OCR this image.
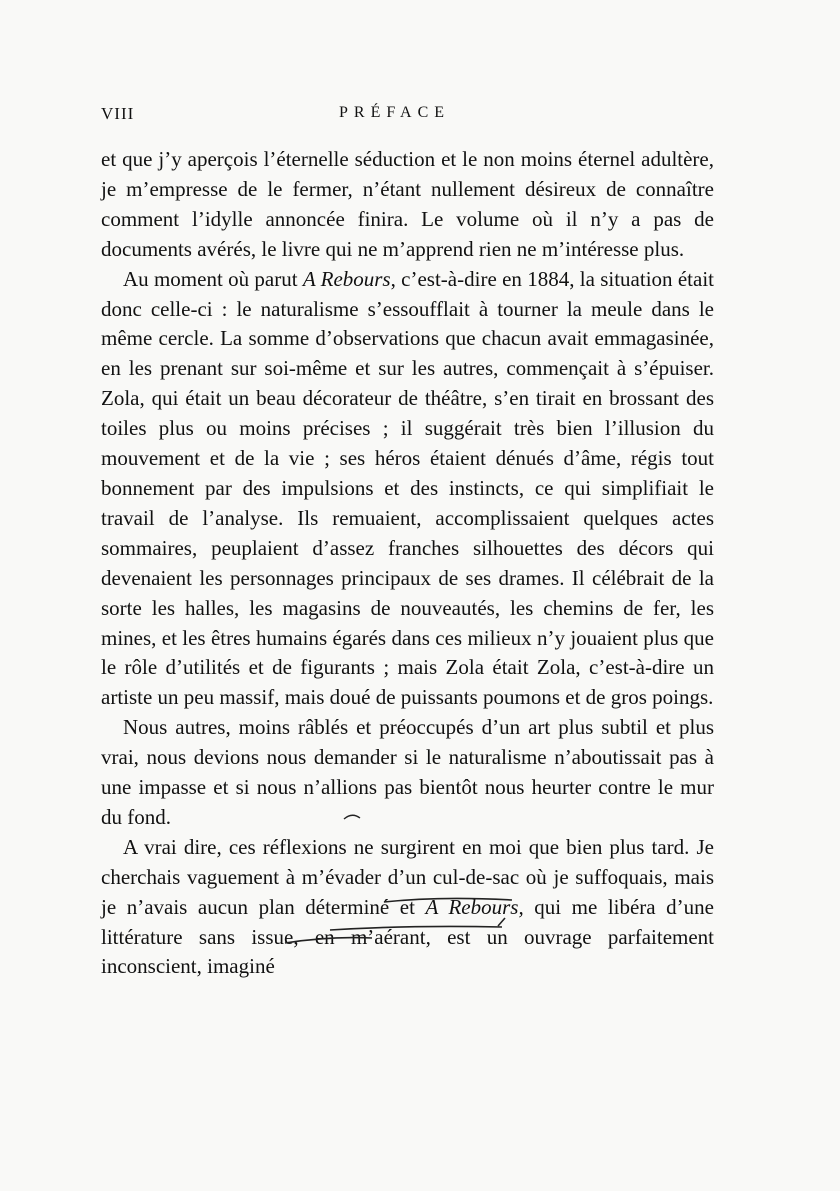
VIII	PRÉFACE

et que j’y aperçois l’éternelle séduction et le non moins éternel adultère, je m’empresse de le fermer, n’étant nullement désireux de connaître comment l’idylle annoncée finira. Le volume où il n’y a pas de documents avérés, le livre qui ne m’apprend rien ne m’intéresse plus.

Au moment où parut A Rebours, c’est-à-dire en 1884, la situation était donc celle-ci : le naturalisme s’essoufflait à tourner la meule dans le même cercle. La somme d’observations que chacun avait emmagasinée, en les prenant sur soi-même et sur les autres, commençait à s’épuiser. Zola, qui était un beau décorateur de théâtre, s’en tirait en brossant des toiles plus ou moins précises ; il suggérait très bien l’illusion du mouvement et de la vie ; ses héros étaient dénués d’âme, régis tout bonnement par des impulsions et des instincts, ce qui simplifiait le travail de l’analyse. Ils remuaient, accomplissaient quelques actes sommaires, peuplaient d’assez franches silhouettes des décors qui devenaient les personnages principaux de ses drames. Il célébrait de la sorte les halles, les magasins de nouveautés, les chemins de fer, les mines, et les êtres humains égarés dans ces milieux n’y jouaient plus que le rôle d’utilités et de figurants ; mais Zola était Zola, c’est-à-dire un artiste un peu massif, mais doué de puissants poumons et de gros poings.

Nous autres, moins râblés et préoccupés d’un art plus subtil et plus vrai, nous devions nous demander si le naturalisme n’aboutissait pas à une impasse et si nous n’allions pas bientôt nous heurter contre le mur du fond.

A vrai dire, ces réflexions ne surgirent en moi que bien plus tard. Je cherchais vaguement à m’évader d’un cul-de-sac où je suffoquais, mais je n’avais aucun plan déterminé et A Rebours, qui me libéra d’une littérature sans issue, en m’aérant, est un ouvrage parfaitement inconscient, imaginé
